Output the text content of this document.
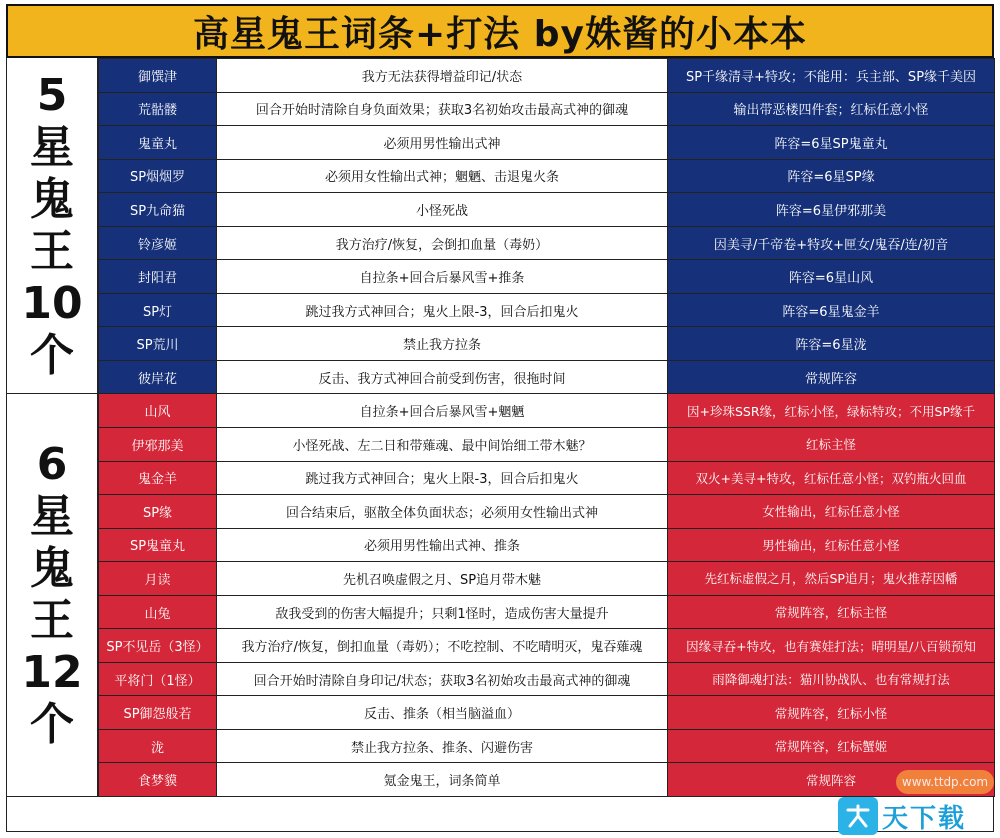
高星鬼王词条+打法 by姝酱的小本本
5
星
鬼
王
10
个
6
星
鬼
王
12
个
御馔津	我方无法获得增益印记/状态	SP千缘清寻+特攻；不能用：兵主部、SP缘千美因
荒骷髅	回合开始时清除自身负面效果；获取3名初始攻击最高式神的御魂	输出带恶楼四件套；红标任意小怪
鬼童丸	必须用男性输出式神	阵容=6星SP鬼童丸
SP烟烟罗	必须用女性输出式神；魍魉、击退鬼火条	阵容=6星SP缘
SP九命猫	小怪死战	阵容=6星伊邪那美
铃彦姬	我方治疗/恢复，会倒扣血量（毒奶）	因美寻/千帝卷+特攻+匣女/鬼吞/连/初音
封阳君	自拉条+回合后暴风雪+推条	阵容=6星山风
SP灯	跳过我方式神回合；鬼火上限-3，回合后扣鬼火	阵容=6星鬼金羊
SP荒川	禁止我方拉条	阵容=6星泷
彼岸花	反击、我方式神回合前受到伤害，很拖时间	常规阵容
山风	自拉条+回合后暴风雪+魍魉	因+珍珠SSR缘，红标小怪，绿标特攻；不用SP缘千
伊邪那美	小怪死战、左二日和带薙魂、最中间饴细工带木魅？	红标主怪
鬼金羊	跳过我方式神回合；鬼火上限-3，回合后扣鬼火	双火+美寻+特攻，红标任意小怪；双钓瓶火回血
SP缘	回合结束后，驱散全体负面状态；必须用女性输出式神	女性输出，红标任意小怪
SP鬼童丸	必须用男性输出式神、推条	男性输出，红标任意小怪
月读	先机召唤虚假之月、SP追月带木魅	先红标虚假之月，然后SP追月；鬼火推荐因幡
山兔	敌我受到的伤害大幅提升；只剩1怪时，造成伤害大量提升	常规阵容，红标主怪
SP不见岳（3怪）	我方治疗/恢复，倒扣血量（毒奶）；不吃控制、不吃晴明灭，鬼吞薙魂	因缘寻吞+特攻，也有赛娃打法；晴明星/八百锁预知
平将门（1怪）	回合开始时清除自身印记/状态；获取3名初始攻击最高式神的御魂	雨降御魂打法：猫川协战队、也有常规打法
SP御怨般若	反击、推条（相当脑溢血）	常规阵容，红标小怪
泷	禁止我方拉条、推条、闪避伤害	常规阵容，红标蟹姬
食梦貘	氪金鬼王，词条简单	常规阵容	www.ttdp.com
天下载
